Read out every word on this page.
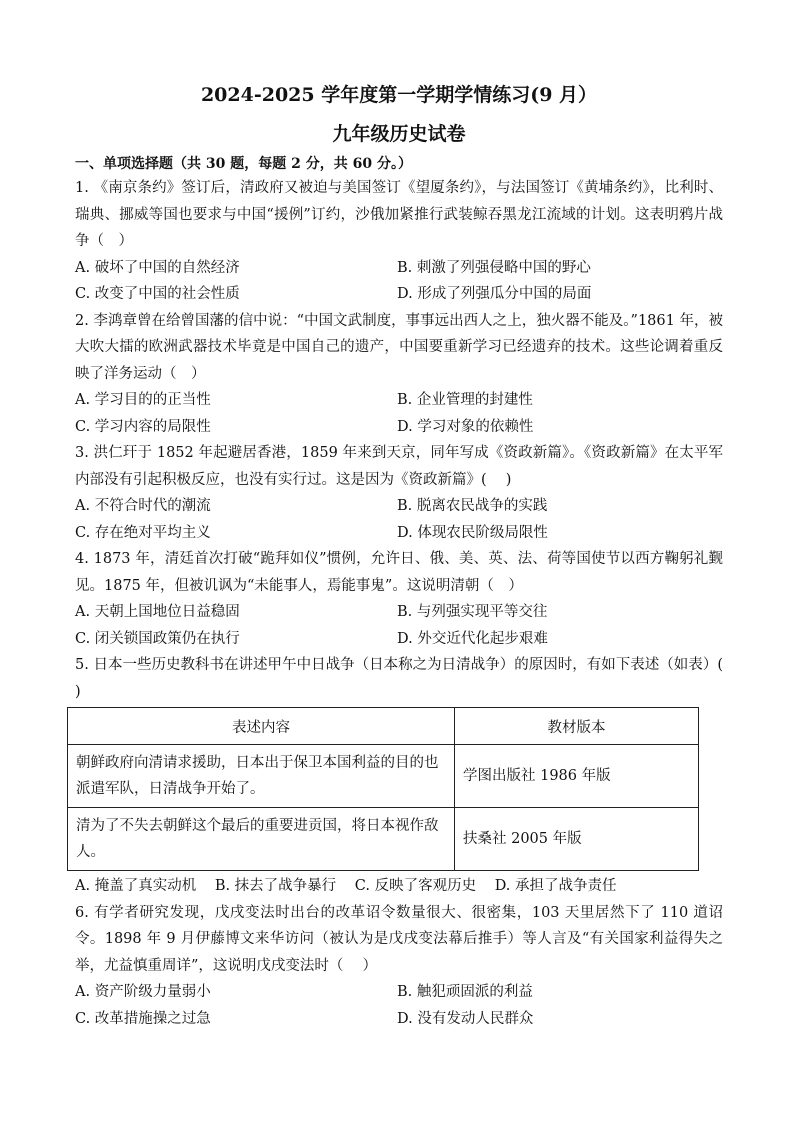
2024-2025 学年度第一学期学情练习(9 月）
九年级历史试卷

一、单项选择题（共 30 题，每题 2 分，共 60 分。）

1. 《南京条约》签订后，清政府又被迫与美国签订《望厦条约》，与法国签订《黄埔条约》，比利时、瑞典、挪威等国也要求与中国“援例”订约，沙俄加紧推行武装鲸吞黑龙江流域的计划。这表明鸦片战争（　）

A. 破坏了中国的自然经济	B. 刺激了列强侵略中国的野心
C. 改变了中国的社会性质	D. 形成了列强瓜分中国的局面

2. 李鸿章曾在给曾国藩的信中说：“中国文武制度，事事远出西人之上，独火器不能及。”1861 年，被大吹大擂的欧洲武器技术毕竟是中国自己的遗产，中国要重新学习已经遗弃的技术。这些论调着重反映了洋务运动（　）

A. 学习目的的正当性	B. 企业管理的封建性
C. 学习内容的局限性	D. 学习对象的依赖性

3. 洪仁玕于 1852 年起避居香港，1859 年来到天京，同年写成《资政新篇》。《资政新篇》在太平军内部没有引起积极反应，也没有实行过。这是因为《资政新篇》(　 )

A. 不符合时代的潮流	B. 脱离农民战争的实践
C. 存在绝对平均主义	D. 体现农民阶级局限性

4. 1873 年，清廷首次打破“跪拜如仪”惯例，允许日、俄、美、英、法、荷等国使节以西方鞠躬礼觐见。1875 年，但被讥讽为“未能事人，焉能事鬼”。这说明清朝（　）

A. 天朝上国地位日益稳固	B. 与列强实现平等交往
C. 闭关锁国政策仍在执行	D. 外交近代化起步艰难

5. 日本一些历史教科书在讲述甲午中日战争（日本称之为日清战争）的原因时，有如下表述（如表）(　 )

表述内容	教材版本
朝鲜政府向清请求援助，日本出于保卫本国利益的目的也派遣军队，日清战争开始了。	学图出版社 1986 年版
清为了不失去朝鲜这个最后的重要进贡国，将日本视作敌人。	扶桑社 2005 年版
A. 掩盖了真实动机 B. 抹去了战争暴行 C. 反映了客观历史 D. 承担了战争责任

6. 有学者研究发现，戊戌变法时出台的改革诏令数量很大、很密集，103 天里居然下了 110 道诏令。1898 年 9 月伊藤博文来华访问（被认为是戊戌变法幕后推手）等人言及“有关国家利益得失之举，尤益慎重周详”，这说明戊戌变法时（　 ）

A. 资产阶级力量弱小	B. 触犯顽固派的利益
C. 改革措施操之过急	D. 没有发动人民群众
